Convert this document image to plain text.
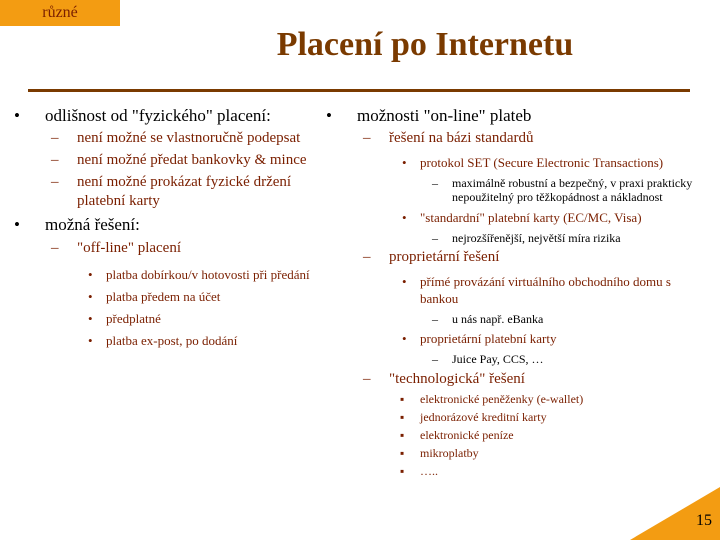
různé
Placení po Internetu
• odlišnost od "fyzického" placení:
– není možné se vlastnoručně podepsat
– není možné předat bankovky & mince
– není možné prokázat fyzické držení platební karty
• možná řešení:
– "off-line" placení
• platba dobírkou/v hotovosti při předání
• platba předem na účet
• předplatné
• platba ex-post, po dodání
• možnosti "on-line" plateb
– řešení na bázi standardů
• protokol SET (Secure Electronic Transactions)
– maximálně robustní a bezpečný, v praxi prakticky nepoužitelný pro těžkopádnost a nákladnost
• "standardní" platební karty (EC/MC, Visa)
– nejrozšířenější, největší míra rizika
– proprietární řešení
• přímé provázání virtuálního obchodního domu s bankou
– u nás např. eBanka
• proprietární platební karty
– Juice Pay, CCS, …
– "technologická" řešení
▪ elektronické peněženky (e-wallet)
▪ jednorázové kreditní karty
▪ elektronické peníze
▪ mikroplatby
▪ …..
15
